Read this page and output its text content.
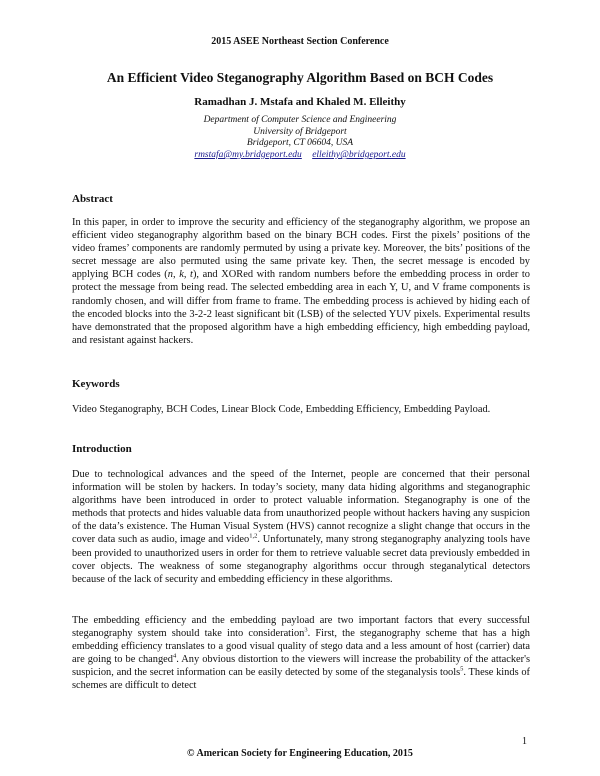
2015 ASEE Northeast Section Conference
An Efficient Video Steganography Algorithm Based on BCH Codes
Ramadhan J. Mstafa and Khaled M. Elleithy
Department of Computer Science and Engineering
University of Bridgeport
Bridgeport, CT 06604, USA
rmstafa@my.bridgeport.edu elleithy@bridgeport.edu
Abstract

In this paper, in order to improve the security and efficiency of the steganography algorithm, we propose an efficient video steganography algorithm based on the binary BCH codes. First the pixels’ positions of the video frames’ components are randomly permuted by using a private key. Moreover, the bits’ positions of the secret message are also permuted using the same private key. Then, the secret message is encoded by applying BCH codes (n, k, t), and XORed with random numbers before the embedding process in order to protect the message from being read. The selected embedding area in each Y, U, and V frame components is randomly chosen, and will differ from frame to frame. The embedding process is achieved by hiding each of the encoded blocks into the 3-2-2 least significant bit (LSB) of the selected YUV pixels. Experimental results have demonstrated that the proposed algorithm have a high embedding efficiency, high embedding payload, and resistant against hackers.

Keywords

Video Steganography, BCH Codes, Linear Block Code, Embedding Efficiency, Embedding Payload.

Introduction

Due to technological advances and the speed of the Internet, people are concerned that their personal information will be stolen by hackers. In today’s society, many data hiding algorithms and steganographic algorithms have been introduced in order to protect valuable information. Steganography is one of the methods that protects and hides valuable data from unauthorized people without hackers having any suspicion of the data’s existence. The Human Visual System (HVS) cannot recognize a slight change that occurs in the cover data such as audio, image and video$^{1,2}$. Unfortunately, many strong steganography analyzing tools have been provided to unauthorized users in order for them to retrieve valuable secret data previously embedded in cover objects. The weakness of some steganography algorithms occur through steganalytical detectors because of the lack of security and embedding efficiency in these algorithms.

The embedding efficiency and the embedding payload are two important factors that every successful steganography system should take into consideration$^3$. First, the steganography scheme that has a high embedding efficiency translates to a good visual quality of stego data and a less amount of host (carrier) data are going to be changed$^4$. Any obvious distortion to the viewers will increase the probability of the attacker's suspicion, and the secret information can be easily detected by some of the steganalysis tools$^5$. These kinds of schemes are difficult to detect

1
© American Society for Engineering Education, 2015
